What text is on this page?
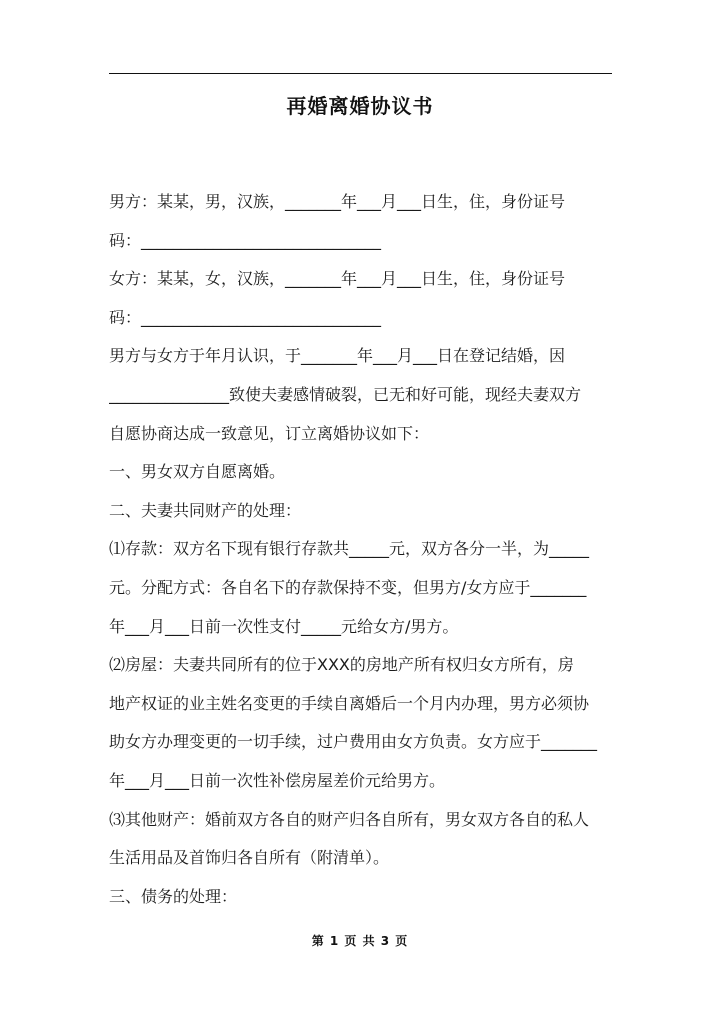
再婚离婚协议书

男方：某某，男，汉族，_______年___月___日生，住，身份证号

码：______________________________

女方：某某，女，汉族，_______年___月___日生，住，身份证号

码：______________________________

男方与女方于年月认识，于_______年___月___日在登记结婚，因

_______________致使夫妻感情破裂，已无和好可能，现经夫妻双方

自愿协商达成一致意见，订立离婚协议如下：

一、男女双方自愿离婚。

二、夫妻共同财产的处理：

⑴存款：双方名下现有银行存款共_____元，双方各分一半，为_____

元。分配方式：各自名下的存款保持不变，但男方/女方应于_______

年___月___日前一次性支付_____元给女方/男方。

⑵房屋：夫妻共同所有的位于XXX的房地产所有权归女方所有，房

地产权证的业主姓名变更的手续自离婚后一个月内办理，男方必须协

助女方办理变更的一切手续，过户费用由女方负责。女方应于_______

年___月___日前一次性补偿房屋差价元给男方。

⑶其他财产：婚前双方各自的财产归各自所有，男女双方各自的私人

生活用品及首饰归各自所有（附清单）。

三、债务的处理：

第 1 页 共 3 页
